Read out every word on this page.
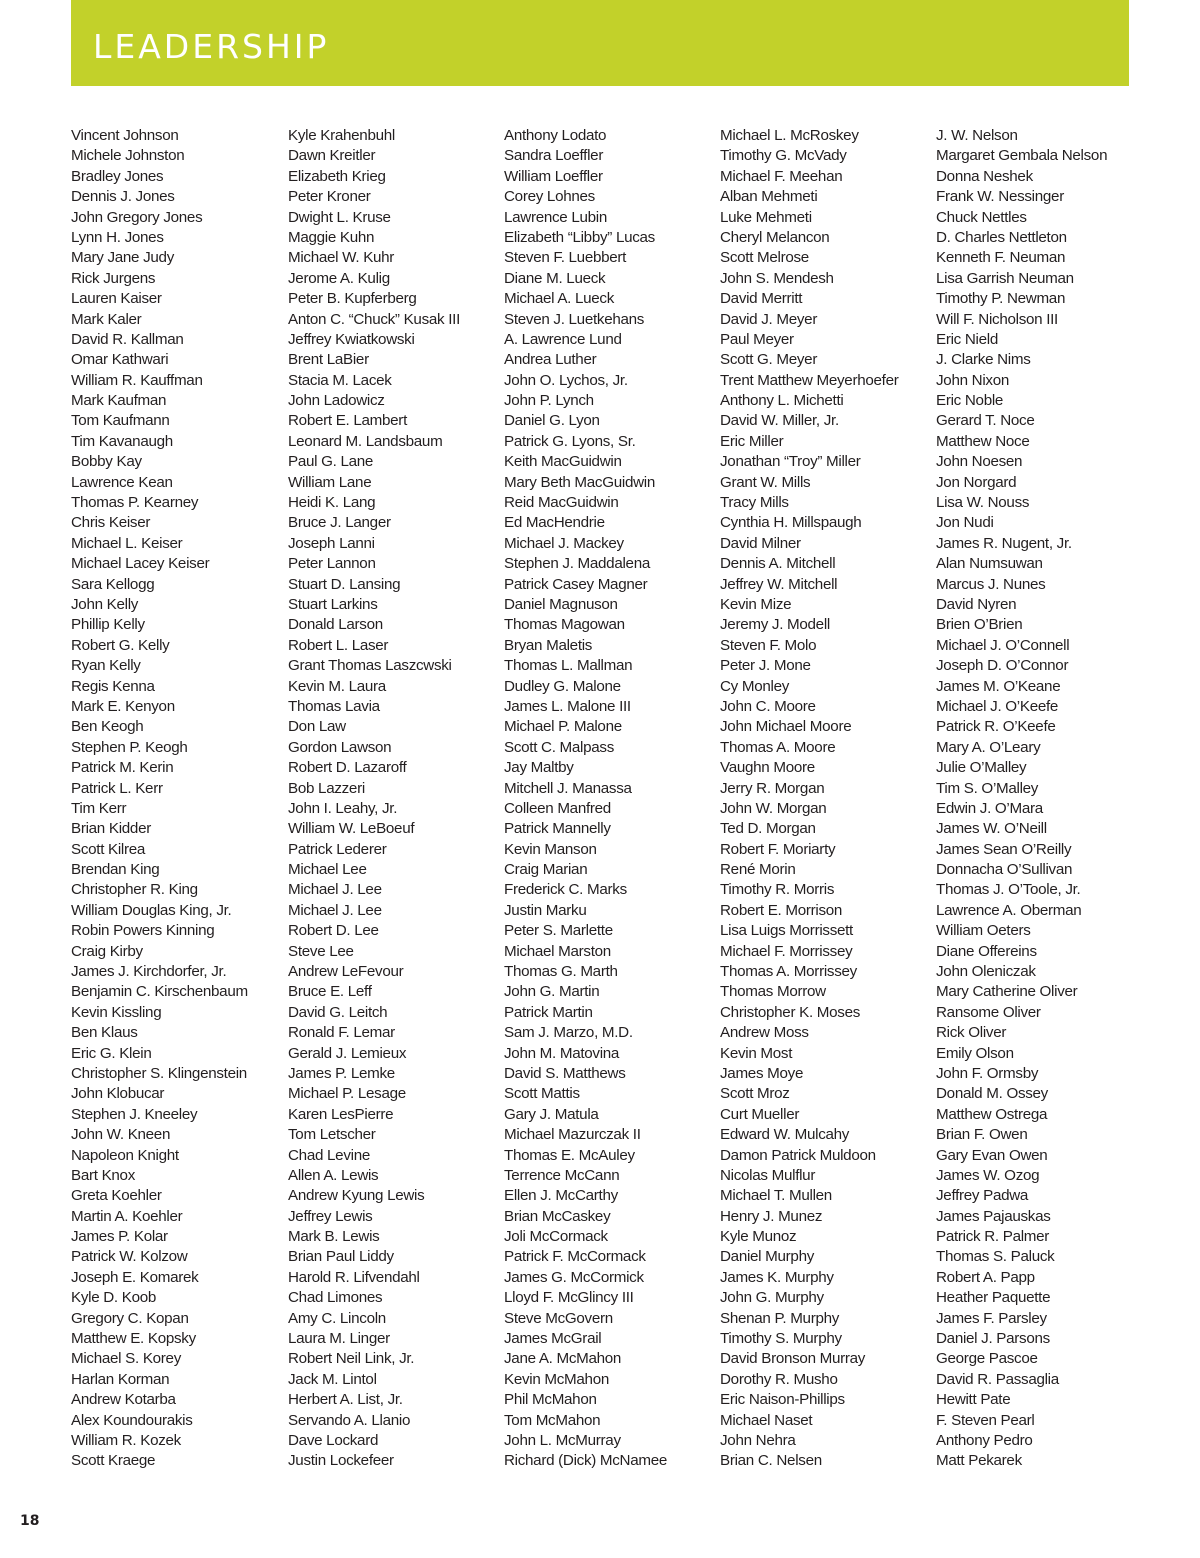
LEADERSHIP
Vincent Johnson
Michele Johnston
Bradley Jones
Dennis J. Jones
John Gregory Jones
Lynn H. Jones
Mary Jane Judy
Rick Jurgens
Lauren Kaiser
Mark Kaler
David R. Kallman
Omar Kathwari
William R. Kauffman
Mark Kaufman
Tom Kaufmann
Tim Kavanaugh
Bobby Kay
Lawrence Kean
Thomas P. Kearney
Chris Keiser
Michael L. Keiser
Michael Lacey Keiser
Sara Kellogg
John Kelly
Phillip Kelly
Robert G. Kelly
Ryan Kelly
Regis Kenna
Mark E. Kenyon
Ben Keogh
Stephen P. Keogh
Patrick M. Kerin
Patrick L. Kerr
Tim Kerr
Brian Kidder
Scott Kilrea
Brendan King
Christopher R. King
William Douglas King, Jr.
Robin Powers Kinning
Craig Kirby
James J. Kirchdorfer, Jr.
Benjamin C. Kirschenbaum
Kevin Kissling
Ben Klaus
Eric G. Klein
Christopher S. Klingenstein
John Klobucar
Stephen J. Kneeley
John W. Kneen
Napoleon Knight
Bart Knox
Greta Koehler
Martin A. Koehler
James P. Kolar
Patrick W. Kolzow
Joseph E. Komarek
Kyle D. Koob
Gregory C. Kopan
Matthew E. Kopsky
Michael S. Korey
Harlan Korman
Andrew Kotarba
Alex Koundourakis
William R. Kozek
Scott Kraege
Kyle Krahenbuhl
Dawn Kreitler
Elizabeth Krieg
Peter Kroner
Dwight L. Kruse
Maggie Kuhn
Michael W. Kuhr
Jerome A. Kulig
Peter B. Kupferberg
Anton C. “Chuck” Kusak III
Jeffrey Kwiatkowski
Brent LaBier
Stacia M. Lacek
John Ladowicz
Robert E. Lambert
Leonard M. Landsbaum
Paul G. Lane
William Lane
Heidi K. Lang
Bruce J. Langer
Joseph Lanni
Peter Lannon
Stuart D. Lansing
Stuart Larkins
Donald Larson
Robert L. Laser
Grant Thomas Laszcwski
Kevin M. Laura
Thomas Lavia
Don Law
Gordon Lawson
Robert D. Lazaroff
Bob Lazzeri
John I. Leahy, Jr.
William W. LeBoeuf
Patrick Lederer
Michael Lee
Michael J. Lee
Michael J. Lee
Robert D. Lee
Steve Lee
Andrew LeFevour
Bruce E. Leff
David G. Leitch
Ronald F. Lemar
Gerald J. Lemieux
James P. Lemke
Michael P. Lesage
Karen LesPierre
Tom Letscher
Chad Levine
Allen A. Lewis
Andrew Kyung Lewis
Jeffrey Lewis
Mark B. Lewis
Brian Paul Liddy
Harold R. Lifvendahl
Chad Limones
Amy C. Lincoln
Laura M. Linger
Robert Neil Link, Jr.
Jack M. Lintol
Herbert A. List, Jr.
Servando A. Llanio
Dave Lockard
Justin Lockefeer
Anthony Lodato
Sandra Loeffler
William Loeffler
Corey Lohnes
Lawrence Lubin
Elizabeth “Libby” Lucas
Steven F. Luebbert
Diane M. Lueck
Michael A. Lueck
Steven J. Luetkehans
A. Lawrence Lund
Andrea Luther
John O. Lychos, Jr.
John P. Lynch
Daniel G. Lyon
Patrick G. Lyons, Sr.
Keith MacGuidwin
Mary Beth MacGuidwin
Reid MacGuidwin
Ed MacHendrie
Michael J. Mackey
Stephen J. Maddalena
Patrick Casey Magner
Daniel Magnuson
Thomas Magowan
Bryan Maletis
Thomas L. Mallman
Dudley G. Malone
James L. Malone III
Michael P. Malone
Scott C. Malpass
Jay Maltby
Mitchell J. Manassa
Colleen Manfred
Patrick Mannelly
Kevin Manson
Craig Marian
Frederick C. Marks
Justin Marku
Peter S. Marlette
Michael Marston
Thomas G. Marth
John G. Martin
Patrick Martin
Sam J. Marzo, M.D.
John M. Matovina
David S. Matthews
Scott Mattis
Gary J. Matula
Michael Mazurczak II
Thomas E. McAuley
Terrence McCann
Ellen J. McCarthy
Brian McCaskey
Joli McCormack
Patrick F. McCormack
James G. McCormick
Lloyd F. McGlincy III
Steve McGovern
James McGrail
Jane A. McMahon
Kevin McMahon
Phil McMahon
Tom McMahon
John L. McMurray
Richard (Dick) McNamee
Michael L. McRoskey
Timothy G. McVady
Michael F. Meehan
Alban Mehmeti
Luke Mehmeti
Cheryl Melancon
Scott Melrose
John S. Mendesh
David Merritt
David J. Meyer
Paul Meyer
Scott G. Meyer
Trent Matthew Meyerhoefer
Anthony L. Michetti
David W. Miller, Jr.
Eric Miller
Jonathan “Troy” Miller
Grant W. Mills
Tracy Mills
Cynthia H. Millspaugh
David Milner
Dennis A. Mitchell
Jeffrey W. Mitchell
Kevin Mize
Jeremy J. Modell
Steven F. Molo
Peter J. Mone
Cy Monley
John C. Moore
John Michael Moore
Thomas A. Moore
Vaughn Moore
Jerry R. Morgan
John W. Morgan
Ted D. Morgan
Robert F. Moriarty
René Morin
Timothy R. Morris
Robert E. Morrison
Lisa Luigs Morrissett
Michael F. Morrissey
Thomas A. Morrissey
Thomas Morrow
Christopher K. Moses
Andrew Moss
Kevin Most
James Moye
Scott Mroz
Curt Mueller
Edward W. Mulcahy
Damon Patrick Muldoon
Nicolas Mulflur
Michael T. Mullen
Henry J. Munez
Kyle Munoz
Daniel Murphy
James K. Murphy
John G. Murphy
Shenan P. Murphy
Timothy S. Murphy
David Bronson Murray
Dorothy R. Musho
Eric Naison-Phillips
Michael Naset
John Nehra
Brian C. Nelsen
J. W. Nelson
Margaret Gembala Nelson
Donna Neshek
Frank W. Nessinger
Chuck Nettles
D. Charles Nettleton
Kenneth F. Neuman
Lisa Garrish Neuman
Timothy P. Newman
Will F. Nicholson III
Eric Nield
J. Clarke Nims
John Nixon
Eric Noble
Gerard T. Noce
Matthew Noce
John Noesen
Jon Norgard
Lisa W. Nouss
Jon Nudi
James R. Nugent, Jr.
Alan Numsuwan
Marcus J. Nunes
David Nyren
Brien O’Brien
Michael J. O’Connell
Joseph D. O’Connor
James M. O’Keane
Michael J. O’Keefe
Patrick R. O’Keefe
Mary A. O’Leary
Julie O’Malley
Tim S. O’Malley
Edwin J. O’Mara
James W. O’Neill
James Sean O’Reilly
Donnacha O’Sullivan
Thomas J. O’Toole, Jr.
Lawrence A. Oberman
William Oeters
Diane Offereins
John Oleniczak
Mary Catherine Oliver
Ransome Oliver
Rick Oliver
Emily Olson
John F. Ormsby
Donald M. Ossey
Matthew Ostrega
Brian F. Owen
Gary Evan Owen
James W. Ozog
Jeffrey Padwa
James Pajauskas
Patrick R. Palmer
Thomas S. Paluck
Robert A. Papp
Heather Paquette
James F. Parsley
Daniel J. Parsons
George Pascoe
David R. Passaglia
Hewitt Pate
F. Steven Pearl
Anthony Pedro
Matt Pekarek
18
